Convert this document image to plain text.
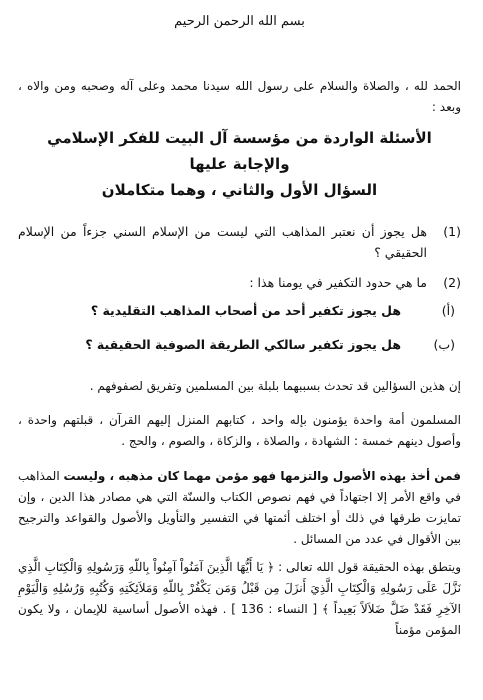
بسم الله الرحمن الرحيم

الحمد لله ، والصلاة والسلام على رسول الله سيدنا محمد وعلى آله وصحبه ومن والاه ، وبعد :

الأسئلة الواردة من مؤسسة آل البيت للفكر الإسلامي
والإجابة عليها
السؤال الأول والثاني ، وهما متكاملان
(1)
هل يجوز أن نعتبر المذاهب التي ليست من الإسلام السني جزءاً من الإسلام الحقيقي ؟
(2)
ما هي حدود التكفير في يومنا هذا :
(أ)
هل يجوز تكفير أحد من أصحاب المذاهب التقليدية ؟
(ب)
هل يجوز تكفير سالكي الطريقة الصوفية الحقيقية ؟

إن هذين السؤالين قد تحدث بسببهما بلبلة بين المسلمين وتفريق لصفوفهم .

المسلمون أمة واحدة يؤمنون بإله واحد ، كتابهم المنزل إليهم القرآن ، قبلتهم واحدة ، وأصول دينهم خمسة : الشهادة ، والصلاة ، والزكاة ، والصوم ، والحج .

فمن أخذ بهذه الأصول والتزمها فهو مؤمن مهما كان مذهبه ، وليست المذاهب في واقع الأمر إلا اجتهاداً في فهم نصوص الكتاب والسنّة التي هي مصادر هذا الدين ، وإن تمايزت طرقها في ذلك أو اختلف أئمتها في التفسير والتأويل والأصول والقواعد والترجيح بين الأقوال في عدد من المسائل .

ويتطق بهذه الحقيقة قول الله تعالى : ﴿ يَا أَيُّهَا الَّذِينَ آمَنُواْ آمِنُواْ بِاللّهِ وَرَسُولِهِ وَالْكِتَابِ الَّذِي نَزَّلَ عَلَى رَسُولِهِ وَالْكِتَابِ الَّذِيَ أَنزَلَ مِن قَبْلُ وَمَن يَكْفُرْ بِاللّهِ وَمَلاَئِكَتِهِ وَكُتُبِهِ وَرُسُلِهِ وَالْيَوْمِ الآخِرِ فَقَدْ ضَلَّ ضَلاَلاً بَعِيداً ﴾ [ النساء : 136 ] . فهذه الأصول أساسية للإيمان ، ولا يكون المؤمن مؤمناً
